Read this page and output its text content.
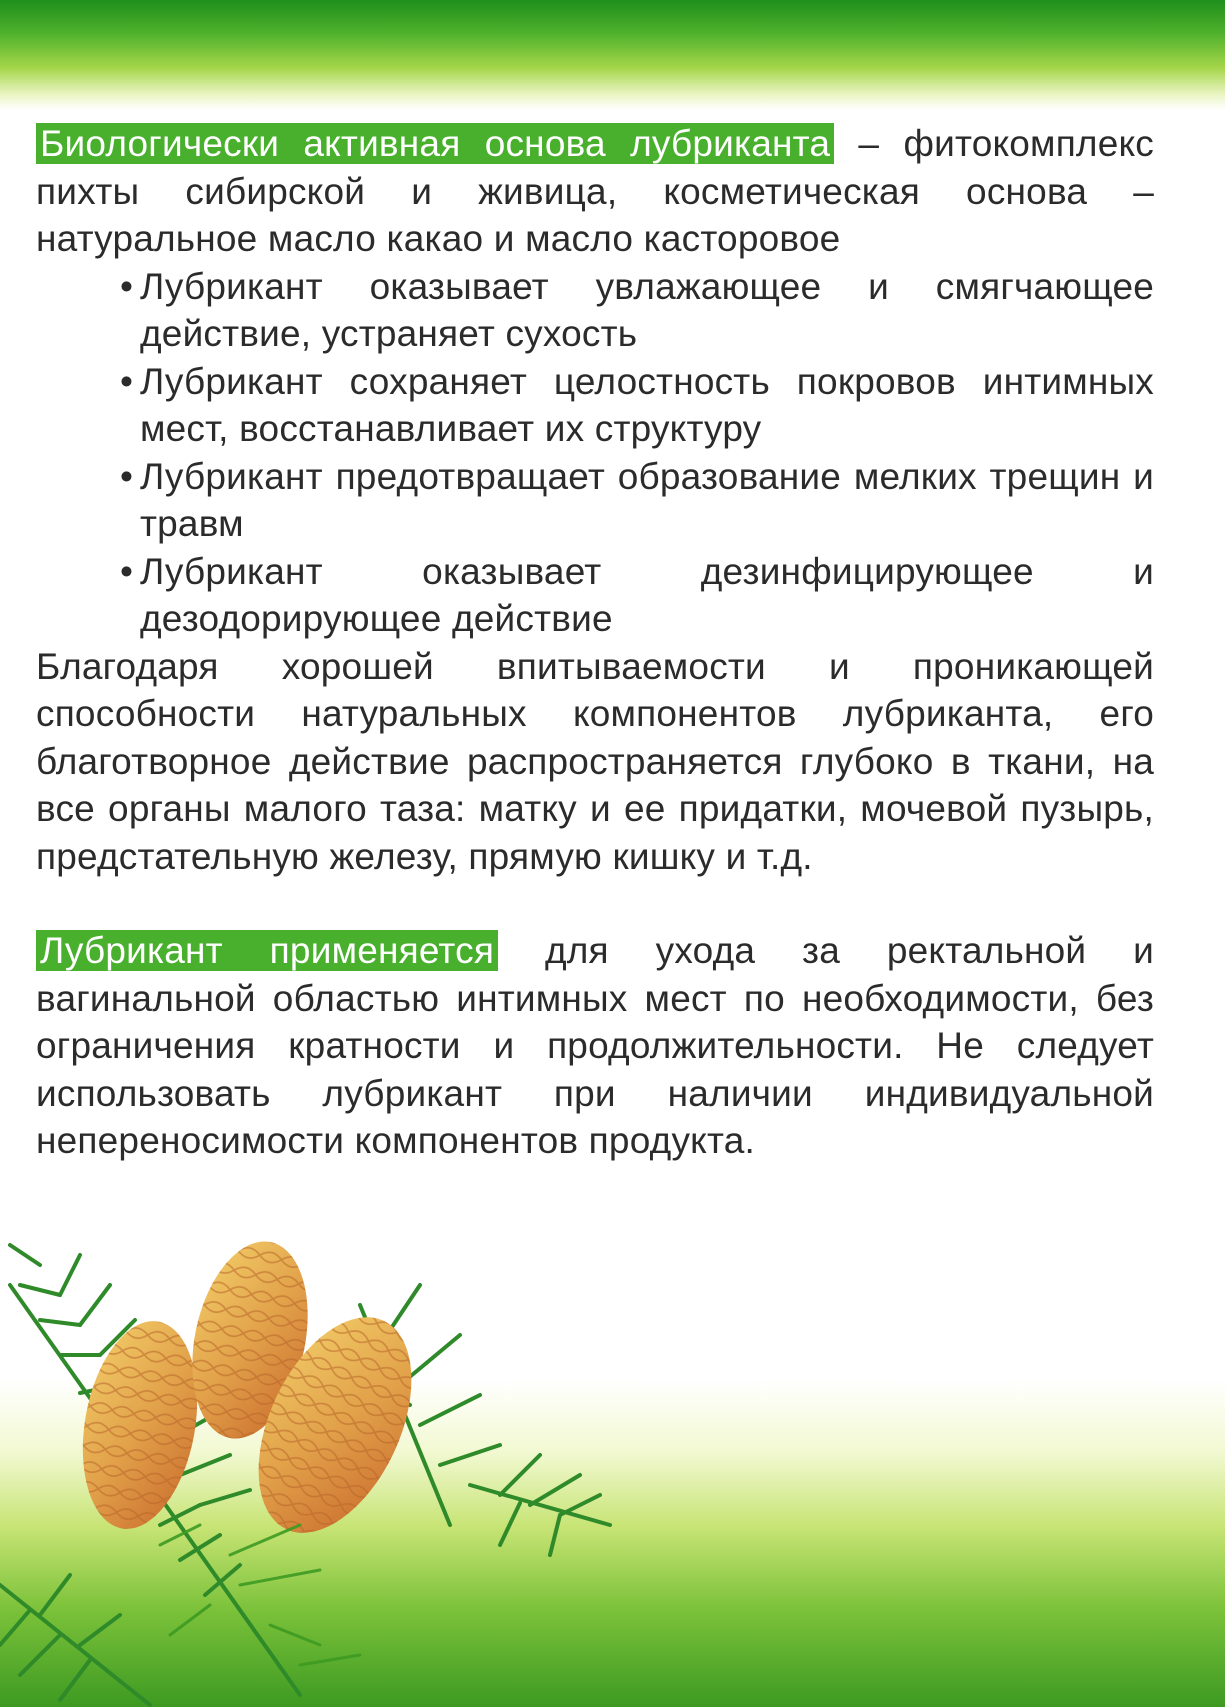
Биологически активная основа лубриканта – фитокомплекс пихты сибирской и живица, косметическая основа – натуральное масло какао и масло касторовое

• Лубрикант оказывает увлажающее и смягчающее действие, устраняет сухость
• Лубрикант сохраняет целостность покровов интимных мест, восстанавливает их структуру
• Лубрикант предотвращает образование мелких трещин и травм
• Лубрикант оказывает дезинфицирующее и дезодорирующее действие

Благодаря хорошей впитываемости и проникающей способности натуральных компонентов лубриканта, его благотворное действие распространяется глубоко в ткани, на все органы малого таза: матку и ее придатки, мочевой пузырь, предстательную железу, прямую кишку и т.д.

Лубрикант применяется для ухода за ректальной и вагинальной областью интимных мест по необходимости, без ограничения кратности и продолжительности. Не следует использовать лубрикант при наличии индивидуальной непереносимости компонентов продукта.
